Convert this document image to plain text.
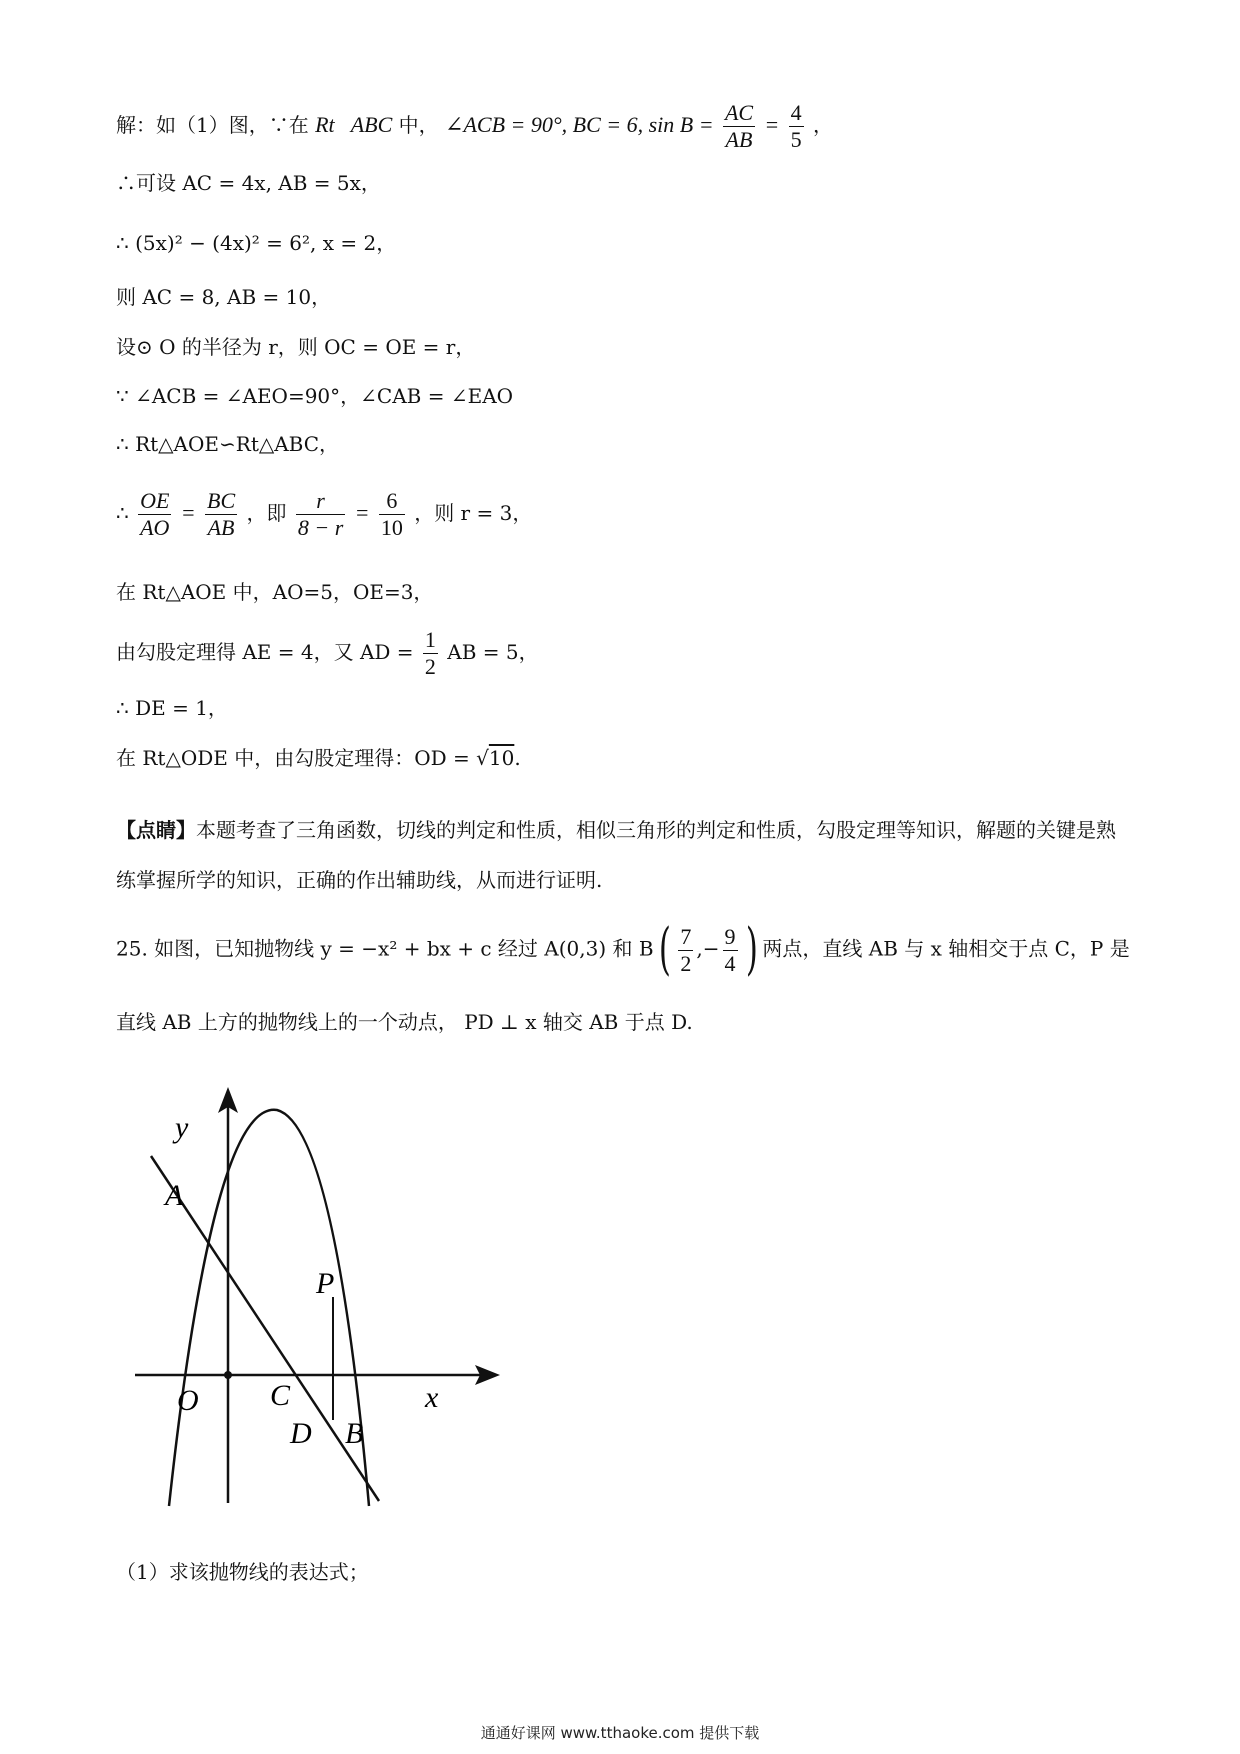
解：如（1）图，∵在 Rt   ABC 中， ∠ACB = 90°, BC = 6, $\sin B = \frac{AC}{AB} = \frac{4}{5}$ ，
∴可设 AC = 4x, AB = 5x，
∴ (5x)² − (4x)² = 6², x = 2，
则 AC = 8, AB = 10，
设⊙ O 的半径为 r，则 OC = OE = r，
∵ ∠ACB = ∠AEO=90°，∠CAB = ∠EAO
∴ Rt△AOE∽Rt△ABC，
∴ $\frac{OE}{AO} = \frac{BC}{AB}$ ，即 $\frac{r}{8 - r} = \frac{6}{10}$ ，则 r = 3，
在 Rt△AOE 中，AO=5，OE=3，
由勾股定理得 AE = 4，又 AD = $\frac{1}{2}$ AB = 5，
∴ DE = 1，
在 Rt△ODE 中，由勾股定理得：OD = √10.
【点睛】本题考查了三角函数，切线的判定和性质，相似三角形的判定和性质，勾股定理等知识，解题的关键是熟练掌握所学的知识，正确的作出辅助线，从而进行证明.
25. 如图，已知抛物线 y = −x² + bx + c 经过 A(0,3) 和 $B( \frac{7}{2}$ ,− $\frac{9}{4}$ ) 两点，直线 AB 与 x 轴相交于点 C，P 是
直线 AB 上方的抛物线上的一个动点， PD ⊥ x 轴交 AB 于点 D.
y
x
A
O C
D B
P
（1）求该抛物线的表达式；
通通好课网 www.tthaoke.com 提供下载
